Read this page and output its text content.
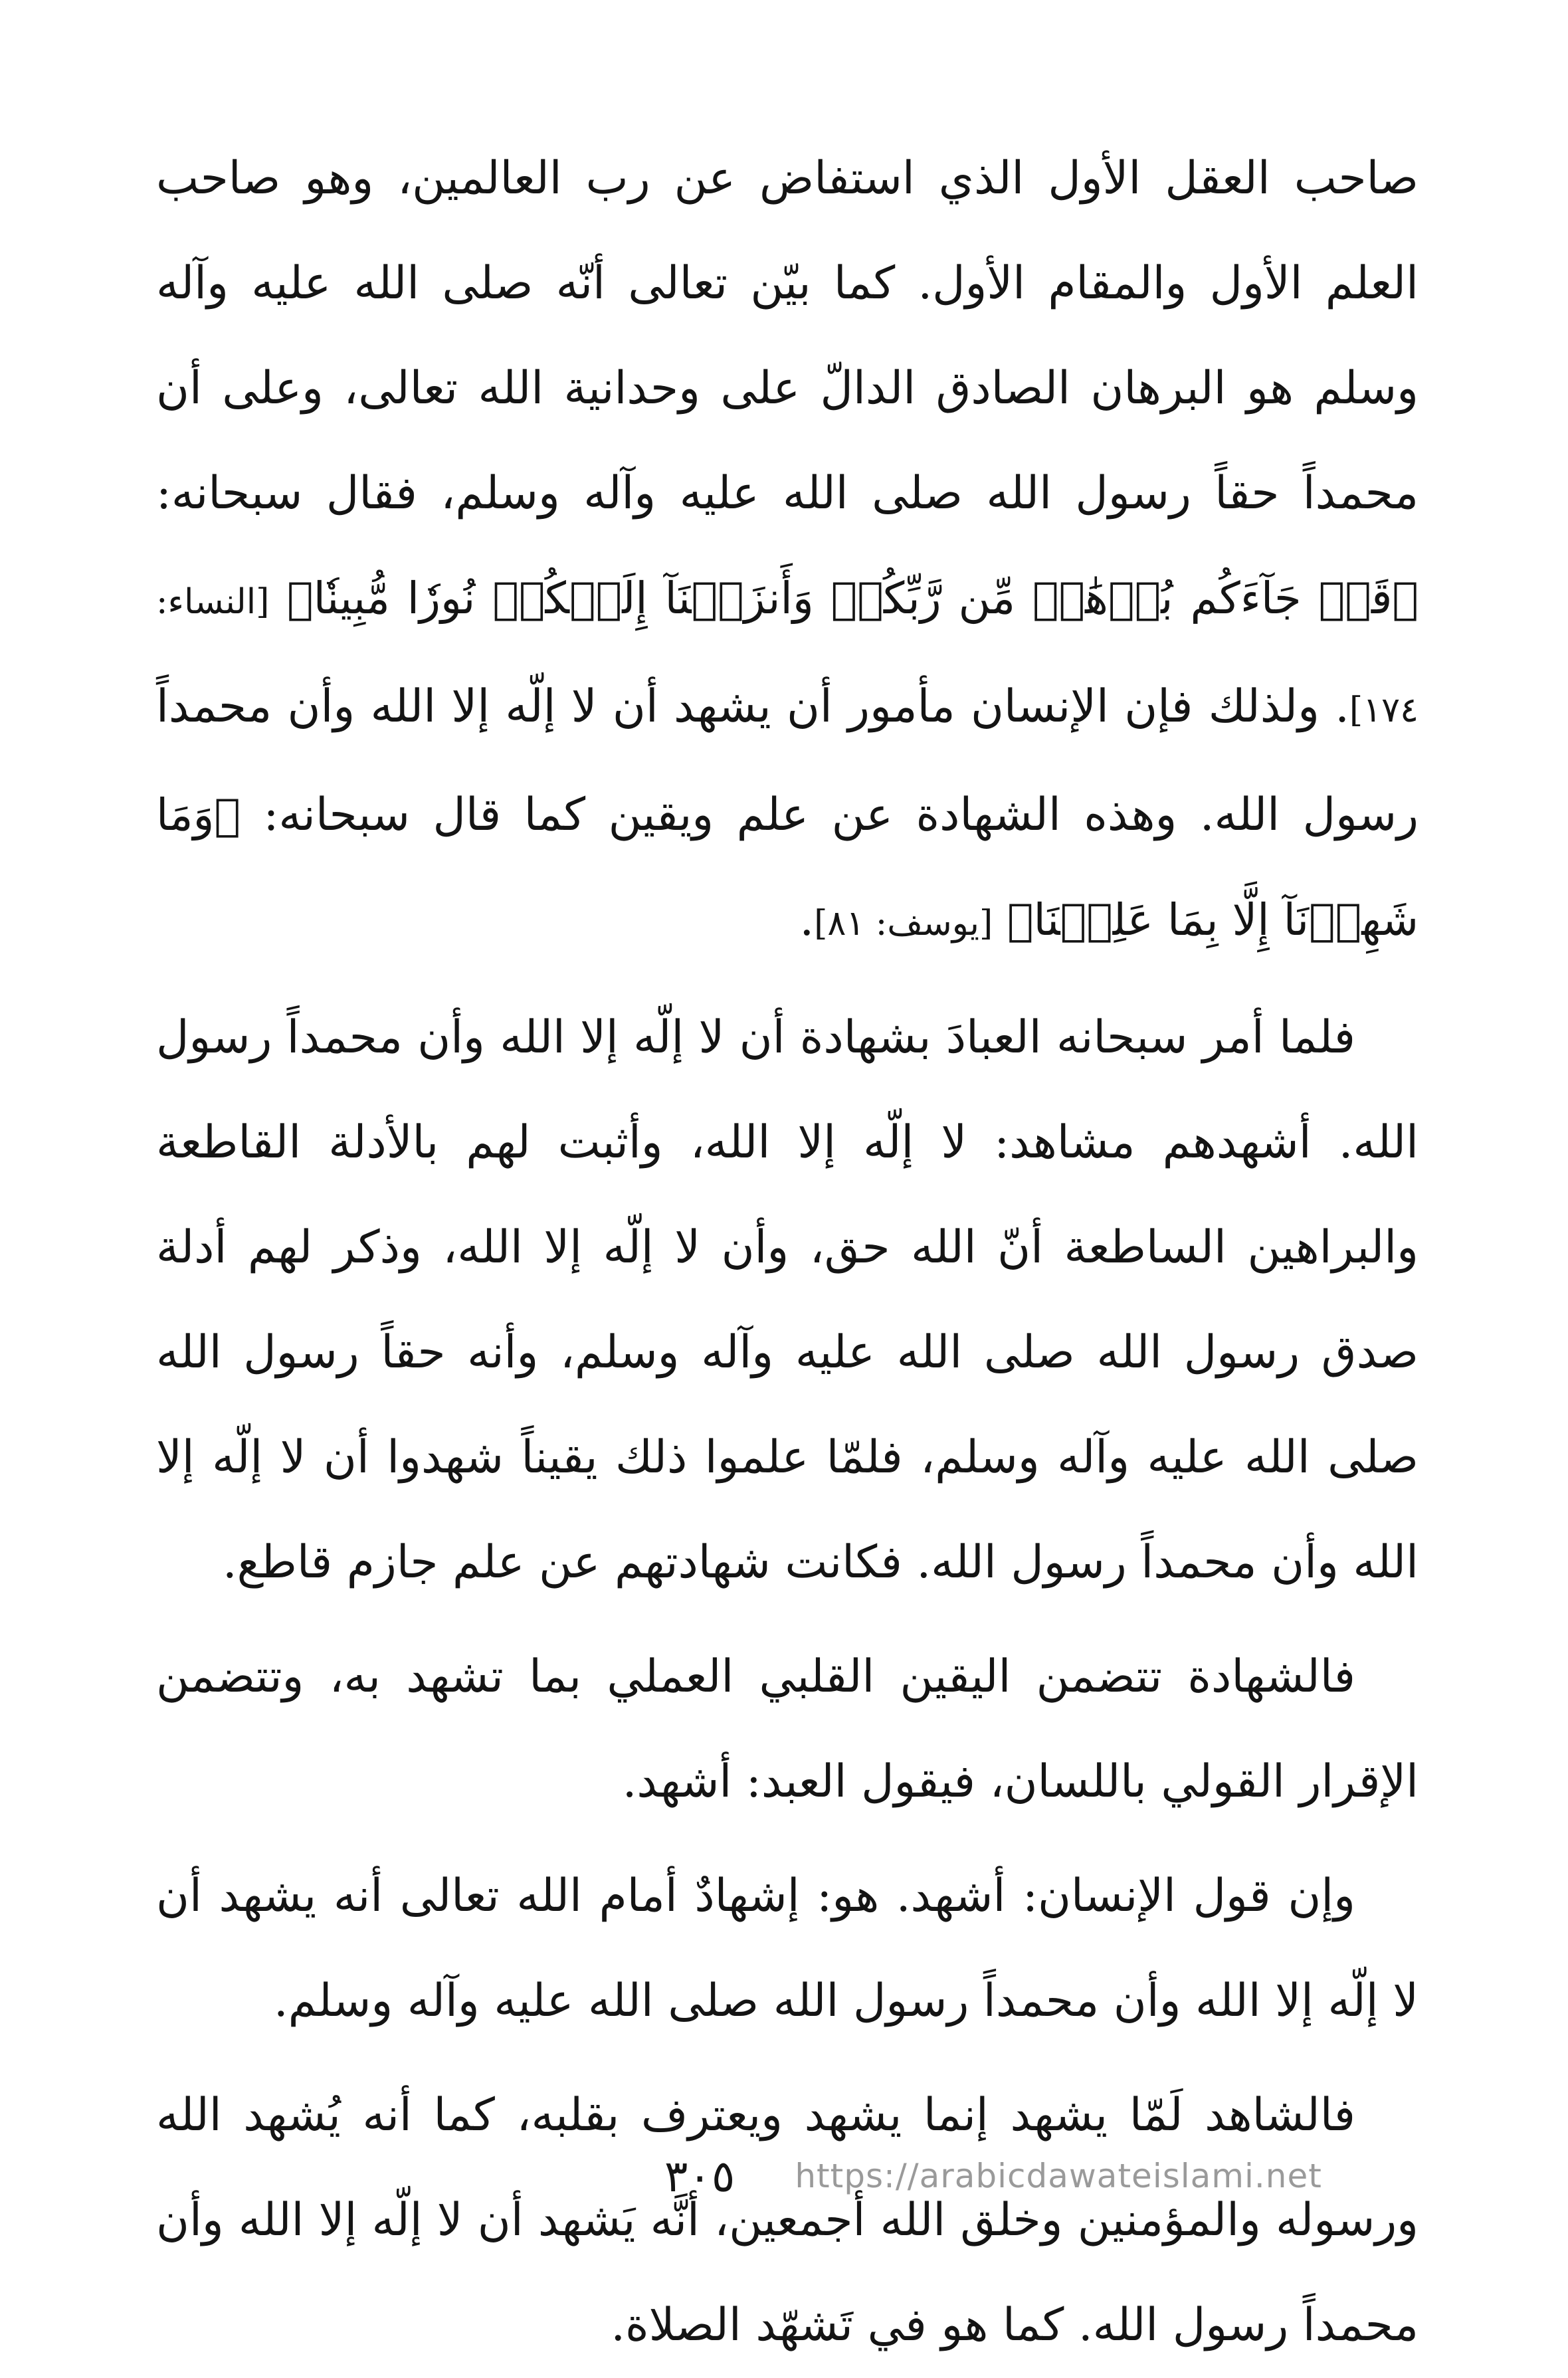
صاحب العقل الأول الذي استفاض عن رب العالمين، وهو صاحب العلم الأول والمقام الأول. كما بيّن تعالى أنّه صلى الله عليه وآله وسلم هو البرهان الصادق الدالّ على وحدانية الله تعالى، وعلى أن محمداً حقاً رسول الله صلى الله عليه وآله وسلم، فقال سبحانه: ﴿قَدۡ جَآءَكُم بُرۡهَٰنٞ مِّن رَّبِّكُمۡ وَأَنزَلۡنَآ إِلَيۡكُمۡ نُورٗا مُّبِينٗا﴾ [النساء: ١٧٤]. ولذلك فإن الإنسان مأمور أن يشهد أن لا إلّه إلا الله وأن محمداً رسول الله. وهذه الشهادة عن علم ويقين كما قال سبحانه: ﴿وَمَا شَهِدۡنَآ إِلَّا بِمَا عَلِمۡنَا﴾ [يوسف: ٨١].

فلما أمر سبحانه العبادَ بشهادة أن لا إلّه إلا الله وأن محمداً رسول الله. أشهدهم مشاهد: لا إلّه إلا الله، وأثبت لهم بالأدلة القاطعة والبراهين الساطعة أنّ الله حق، وأن لا إلّه إلا الله، وذكر لهم أدلة صدق رسول الله صلى الله عليه وآله وسلم، وأنه حقاً رسول الله صلى الله عليه وآله وسلم، فلمّا علموا ذلك يقيناً شهدوا أن لا إلّه إلا الله وأن محمداً رسول الله. فكانت شهادتهم عن علم جازم قاطع.

فالشهادة تتضمن اليقين القلبي العملي بما تشهد به، وتتضمن الإقرار القولي باللسان، فيقول العبد: أشهد.

وإن قول الإنسان: أشهد. هو: إشهادٌ أمام الله تعالى أنه يشهد أن لا إلّه إلا الله وأن محمداً رسول الله صلى الله عليه وآله وسلم.

فالشاهد لَمّا يشهد إنما يشهد ويعترف بقلبه، كما أنه يُشهد الله ورسوله والمؤمنين وخلق الله أجمعين، أنَّه يَشهد أن لا إلّه إلا الله وأن محمداً رسول الله. كما هو في تَشهّد الصلاة.

٣٠٥ https://arabicdawateislami.net
